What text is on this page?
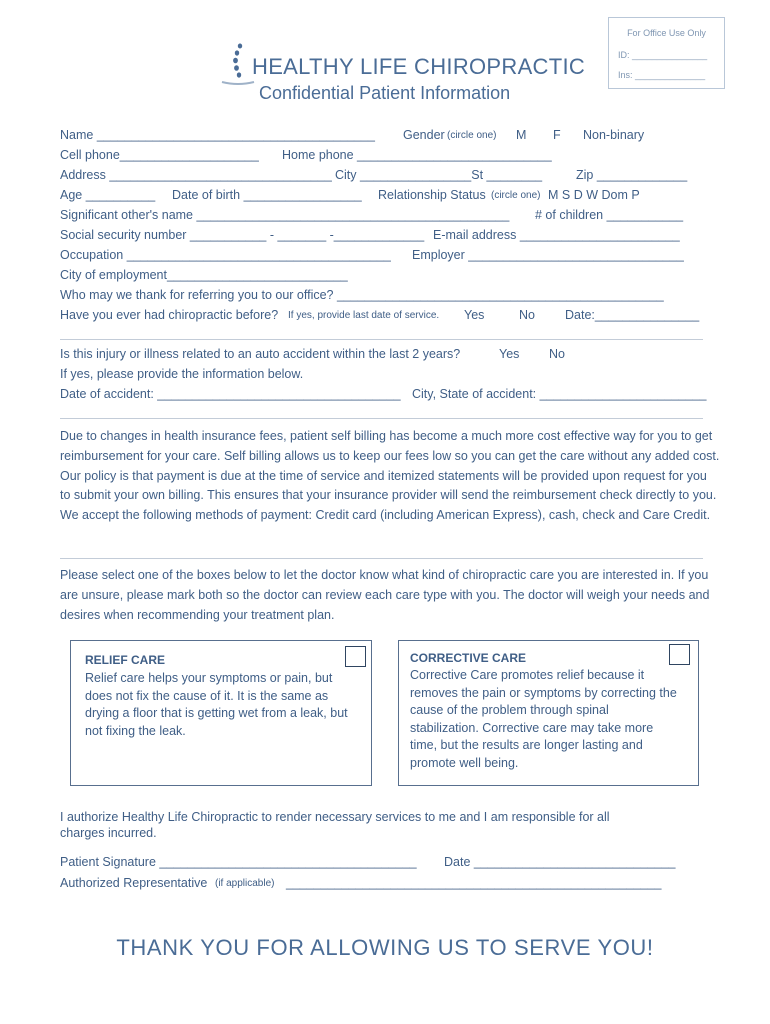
For Office Use Only
ID: _______________
Ins: ______________
HEALTHY LIFE CHIROPRACTIC
Confidential Patient Information
Name ________________________________________ Gender (circle one) M F Non-binary
Cell phone____________________ Home phone ____________________________
Address ________________________________ City ________________St ________	Zip _____________
Age __________ Date of birth _________________ Relationship Status (circle one) M S D W Dom P
Significant other's name _____________________________________________ # of children ___________
Social security number ___________ - _______ -_____________ E-mail address _______________________
Occupation ______________________________________ Employer _______________________________
City of employment__________________________
Who may we thank for referring you to our office? _______________________________________________
Have you ever had chiropractic before? If yes, provide last date of service. Yes	No Date:_______________
Is this injury or illness related to an auto accident within the last 2 years?	Yes No
If yes, please provide the information below.
Date of accident: ___________________________________ City, State of accident: ________________________

Due to changes in health insurance fees, patient self billing has become a much more cost effective way for you to get reimbursement for your care. Self billing allows us to keep our fees low so you can get the care without any added cost. Our policy is that payment is due at the time of service and itemized statements will be provided upon request for you to submit your own billing. This ensures that your insurance provider will send the reimbursement check directly to you. We accept the following methods of payment: Credit card (including American Express), cash, check and Care Credit.

Please select one of the boxes below to let the doctor know what kind of chiropractic care you are interested in. If you are unsure, please mark both so the doctor can review each care type with you. The doctor will weigh your needs and desires when recommending your treatment plan.

RELIEF CARE

Relief care helps your symptoms or pain, but does not fix the cause of it. It is the same as drying a floor that is getting wet from a leak, but not fixing the leak.

CORRECTIVE CARE

Corrective Care promotes relief because it removes the pain or symptoms by correcting the cause of the problem through spinal stabilization. Corrective care may take more time, but the results are longer lasting and promote well being.

I authorize Healthy Life Chiropractic to render necessary services to me and I am responsible for all charges incurred.

Patient Signature _____________________________________ Date _____________________________
Authorized Representative (if applicable) ______________________________________________________
THANK YOU FOR ALLOWING US TO SERVE YOU!
